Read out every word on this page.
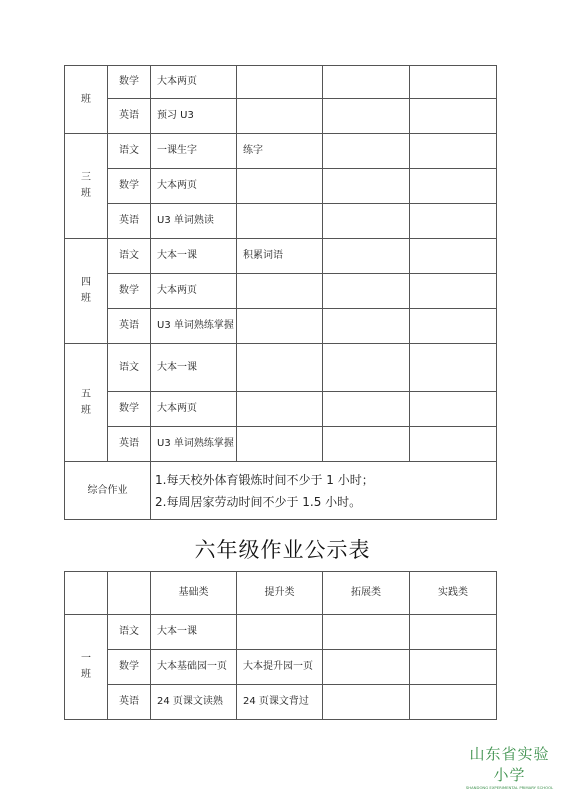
班	数学	大本两页			
	英语	预习 U3			
三
班	语文	一课生字	练字		
	数学	大本两页			
	英语	U3 单词熟读			
四
班	语文	大本一课	积累词语		
	数学	大本两页			
	英语	U3 单词熟练掌握			
五
班	语文	大本一课			
	数学	大本两页			
	英语	U3 单词熟练掌握			
综合作业		1.每天校外体育锻炼时间不少于 1 小时；
2.每周居家劳动时间不少于 1.5 小时。			
六年级作业公示表
		基础类	提升类	拓展类	实践类
一
班	语文	大本一课			
	数学	大本基础园一页	大本提升园一页		
	英语	24 页课文读熟	24 页课文背过		
山东省实验小学
SHANDONG EXPERIMENTAL PRIMARY SCHOOL
